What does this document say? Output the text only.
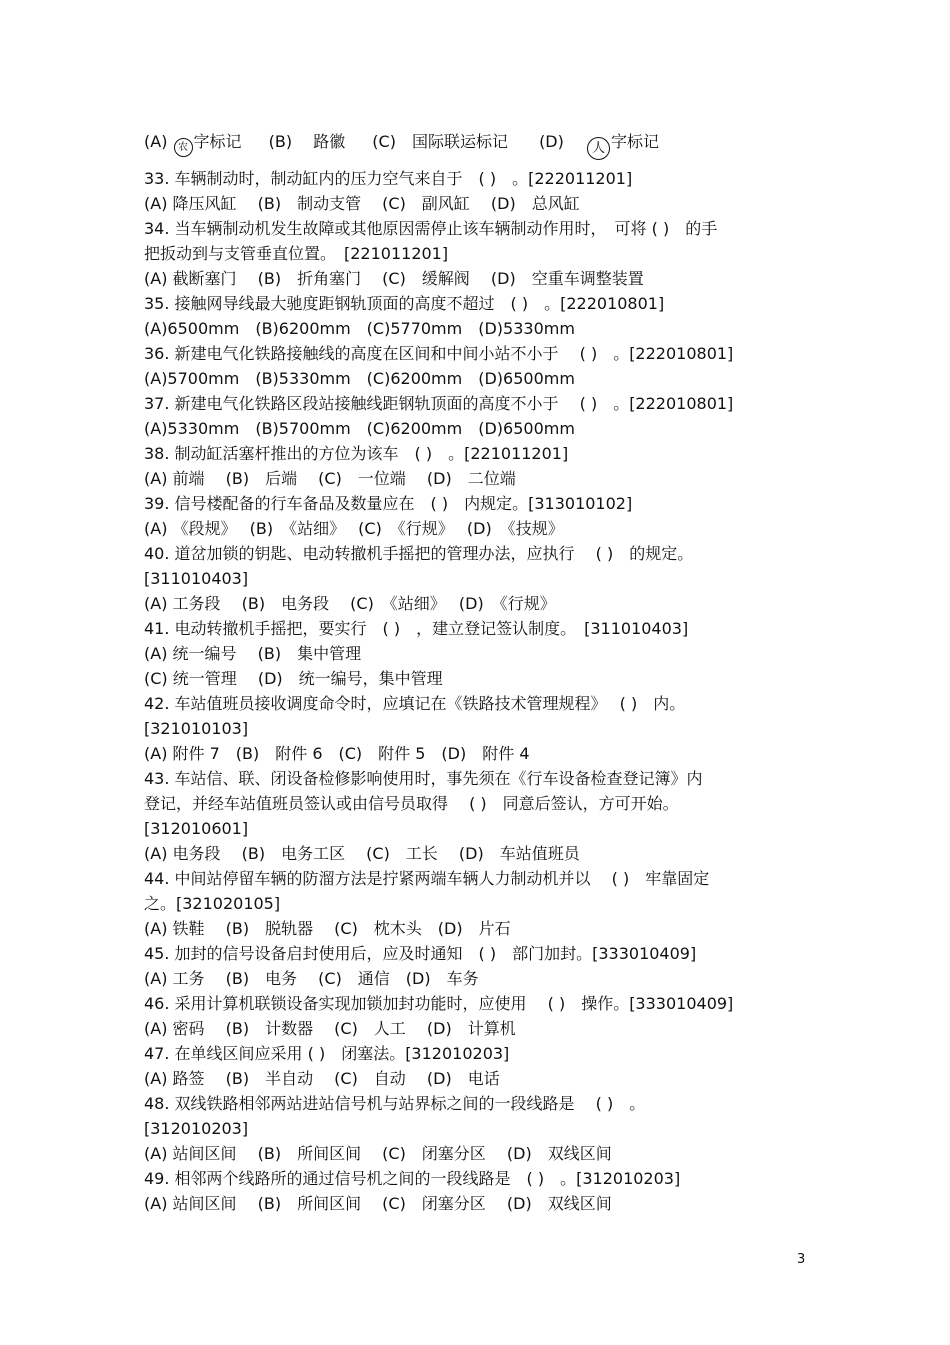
(A) 农 字标记 (B)　 路徽 (C)　国际联运标记 (D) 人 字标记
33. 车辆制动时，制动缸内的压力空气来自于　( )　。[222011201]
(A) 降压风缸　 (B)　制动支管　 (C)　副风缸　 (D)　总风缸
34. 当车辆制动机发生故障或其他原因需停止该车辆制动作用时，　可将 ( )　的手
把扳动到与支管垂直位置。　[221011201]
(A) 截断塞门　 (B)　折角塞门　 (C)　缓解阀　 (D)　空重车调整装置
35. 接触网导线最大驰度距钢轨顶面的高度不超过　( )　。[222010801]
(A)6500mm　(B)6200mm　(C)5770mm　(D)5330mm
36. 新建电气化铁路接触线的高度在区间和中间小站不小于　 ( )　。[222010801]
(A)5700mm　(B)5330mm　(C)6200mm　(D)6500mm
37. 新建电气化铁路区段站接触线距钢轨顶面的高度不小于　 ( )　。[222010801]
(A)5330mm　(B)5700mm　(C)6200mm　(D)6500mm
38. 制动缸活塞杆推出的方位为该车　( )　。[221011201]
(A) 前端　 (B)　后端　 (C)　一位端　 (D)　二位端
39. 信号楼配备的行车备品及数量应在　( )　内规定。[313010102]
(A) 《段规》　 (B)　《站细》　 (C)　《行规》　 (D)　《技规》
40. 道岔加锁的钥匙、电动转撤机手摇把的管理办法，应执行　 ( )　的规定。
[311010403]
(A) 工务段　 (B)　电务段　 (C)　《站细》　 (D)　《行规》
41. 电动转撤机手摇把，要实行　( )　，建立登记签认制度。　[311010403]
(A) 统一编号　 (B)　集中管理
(C) 统一管理　 (D)　统一编号，集中管理
42. 车站值班员接收调度命令时，应填记在《铁路技术管理规程》　 ( )　内。
[321010103]
(A) 附件 7　(B)　附件 6　(C)　附件 5　(D)　附件 4
43. 车站信、联、闭设备检修影响使用时，事先须在《行车设备检查登记簿》内
登记，并经车站值班员签认或由信号员取得　 ( )　同意后签认，方可开始。
[312010601]
(A) 电务段　 (B)　电务工区　 (C)　工长　 (D)　车站值班员
44. 中间站停留车辆的防溜方法是拧紧两端车辆人力制动机并以　 ( )　牢靠固定
之。[321020105]
(A) 铁鞋　 (B)　脱轨器　 (C)　枕木头　(D)　片石
45. 加封的信号设备启封使用后，应及时通知　( )　部门加封。[333010409]
(A) 工务　 (B)　电务　 (C)　通信　(D)　车务
46. 采用计算机联锁设备实现加锁加封功能时，应使用　 ( )　操作。[333010409]
(A) 密码　 (B)　计数器　 (C)　人工　 (D)　计算机
47. 在单线区间应采用 ( )　闭塞法。[312010203]
(A) 路签　 (B)　半自动　 (C)　自动　 (D)　电话
48. 双线铁路相邻两站进站信号机与站界标之间的一段线路是　 ( )　。
[312010203]
(A) 站间区间　 (B)　所间区间　 (C)　闭塞分区　 (D)　双线区间
49. 相邻两个线路所的通过信号机之间的一段线路是　( )　。[312010203]
(A) 站间区间　 (B)　所间区间　 (C)　闭塞分区　 (D)　双线区间
3
